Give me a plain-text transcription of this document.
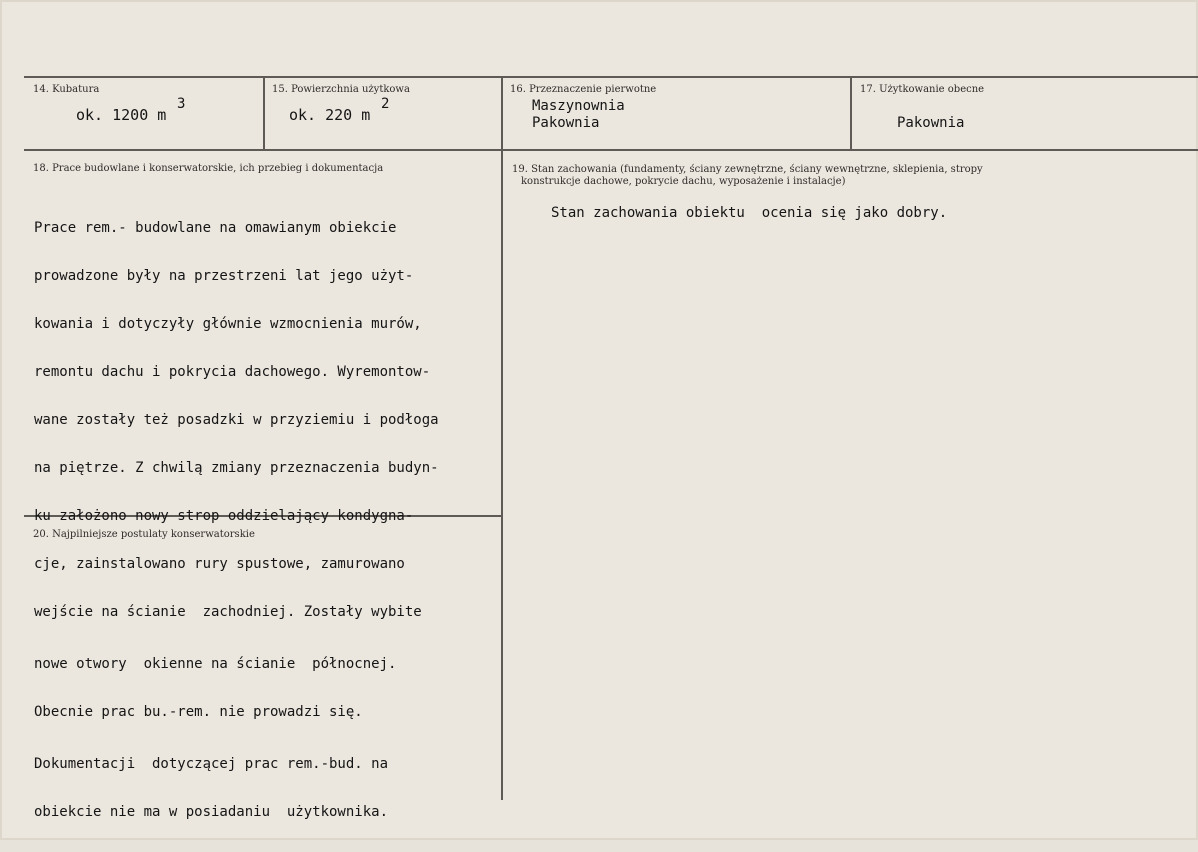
14. Kubatura
ok. 1200 m
3
15. Powierzchnia użytkowa
ok. 220 m
2
16. Przeznaczenie pierwotne
Maszynownia
Pakownia
17. Użytkowanie obecne
Pakownia
18. Prace budowlane i konserwatorskie, ich przebieg i dokumentacja

Prace rem.- budowlane na omawianym obiekcie

prowadzone były na przestrzeni lat jego użyt-

kowania i dotyczyły głównie wzmocnienia murów,

remontu dachu i pokrycia dachowego. Wyremontow-

wane zostały też posadzki w przyziemiu i podłoga

na piętrze. Z chwilą zmiany przeznaczenia budyn-

ku założono nowy strop oddzielający kondygna-

cje, zainstalowano rury spustowe, zamurowano

wejście na ścianie  zachodniej. Zostały wybite

nowe otwory  okienne na ścianie  północnej.

Obecnie prac bu.-rem. nie prowadzi się.

Dokumentacji  dotyczącej prac rem.-bud. na

obiekcie nie ma w posiadaniu  użytkownika.

19. Stan zachowania (fundamenty, ściany zewnętrzne, ściany wewnętrzne, sklepienia, stropy
konstrukcje dachowe, pokrycie dachu, wyposażenie i instalacje)
Stan zachowania obiektu  ocenia się jako dobry.
20. Najpilniejsze postulaty konserwatorskie
